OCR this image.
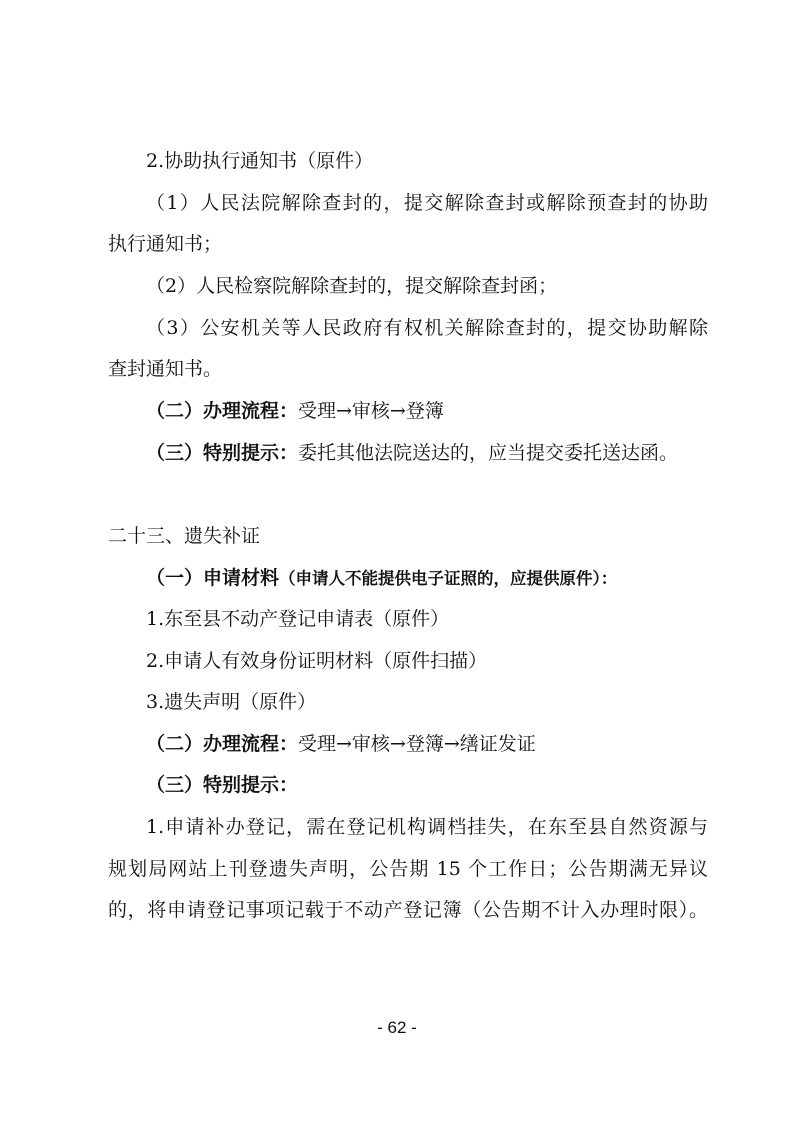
2.协助执行通知书（原件）
（1）人民法院解除查封的，提交解除查封或解除预查封的协助
执行通知书；
（2）人民检察院解除查封的，提交解除查封函；
（3）公安机关等人民政府有权机关解除查封的，提交协助解除
查封通知书。
（二）办理流程：受理→审核→登簿
（三）特别提示：委托其他法院送达的，应当提交委托送达函。
二十三、遗失补证
（一）申请材料（申请人不能提供电子证照的，应提供原件）：
1.东至县不动产登记申请表（原件）
2.申请人有效身份证明材料（原件扫描）
3.遗失声明（原件）
（二）办理流程：受理→审核→登簿→缮证发证
（三）特别提示：
1.申请补办登记，需在登记机构调档挂失，在东至县自然资源与
规划局网站上刊登遗失声明，公告期 15 个工作日；公告期满无异议
的，将申请登记事项记载于不动产登记簿（公告期不计入办理时限）。
- 62 -
